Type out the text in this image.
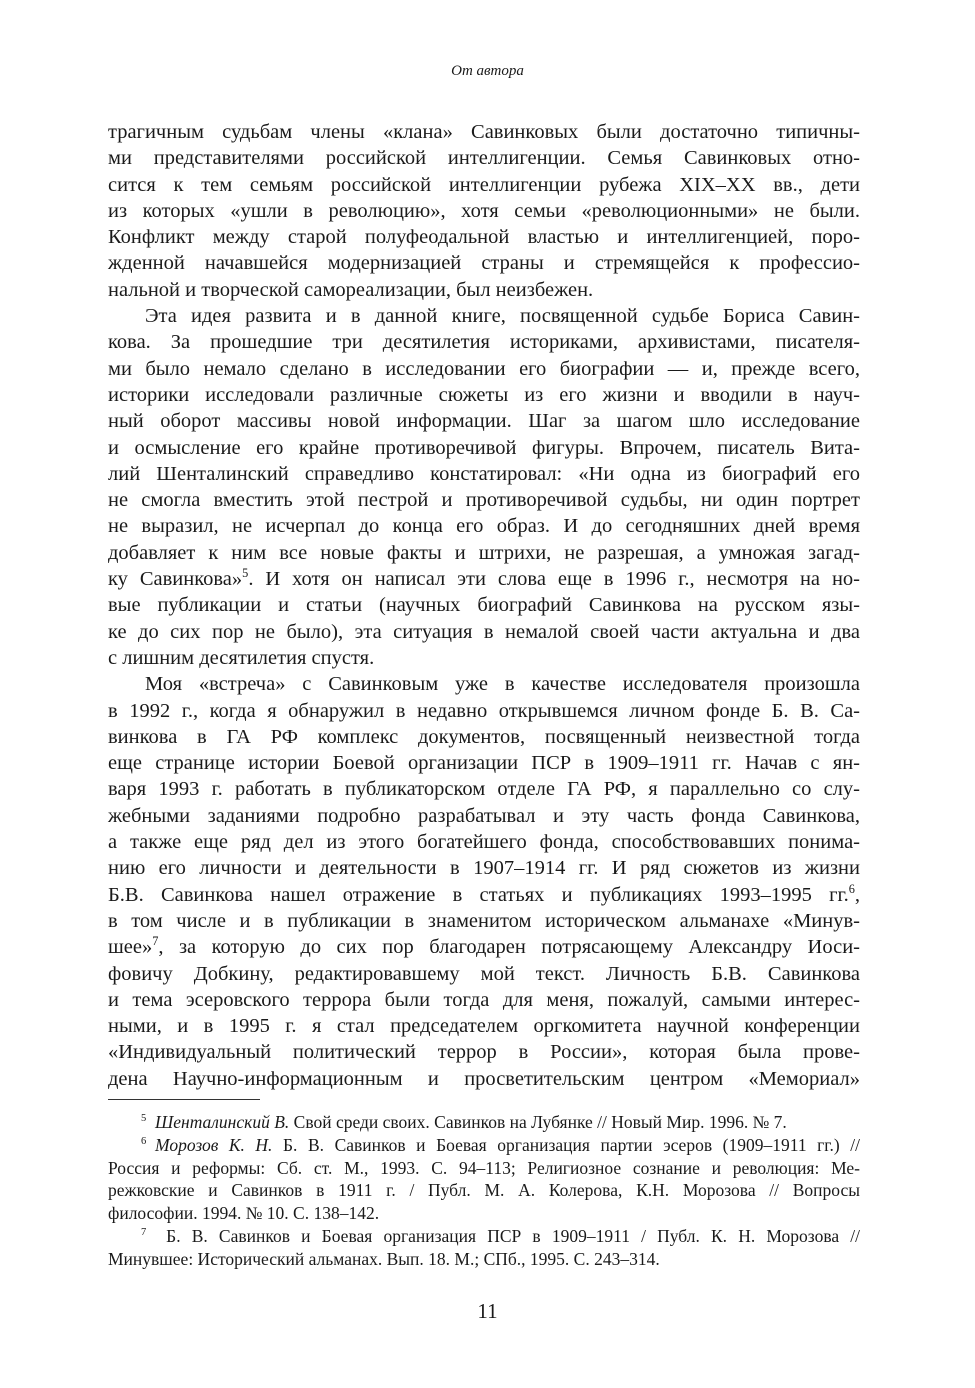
От автора
трагичным судьбам члены «клана» Савинковых были достаточно типичны-
ми представителями российской интеллигенции. Семья Савинковых отно-
сится к тем семьям российской интеллигенции рубежа XIX–XX вв., дети
из которых «ушли в революцию», хотя семьи «революционными» не были.
Конфликт между старой полуфеодальной властью и интеллигенцией, поро-
жденной начавшейся модернизацией страны и стремящейся к профессио-
нальной и творческой самореализации, был неизбежен.
Эта идея развита и в данной книге, посвященной судьбе Бориса Савин-
кова. За прошедшие три десятилетия историками, архивистами, писателя-
ми было немало сделано в исследовании его биографии — и, прежде всего,
историки исследовали различные сюжеты из его жизни и вводили в науч-
ный оборот массивы новой информации. Шаг за шагом шло исследование
и осмысление его крайне противоречивой фигуры. Впрочем, писатель Вита-
лий Шенталинский справедливо констатировал: «Ни одна из биографий его
не смогла вместить этой пестрой и противоречивой судьбы, ни один портрет
не выразил, не исчерпал до конца его образ. И до сегодняшних дней время
добавляет к ним все новые факты и штрихи, не разрешая, а умножая загад-
ку Савинкова»$^5$. И хотя он написал эти слова еще в 1996 г., несмотря на но-
вые публикации и статьи (научных биографий Савинкова на русском язы-
ке до сих пор не было), эта ситуация в немалой своей части актуальна и два
с лишним десятилетия спустя.
Моя «встреча» с Савинковым уже в качестве исследователя произошла
в 1992 г., когда я обнаружил в недавно открывшемся личном фонде Б. В. Са-
винкова в ГА РФ комплекс документов, посвященный неизвестной тогда
еще странице истории Боевой организации ПСР в 1909–1911 гг. Начав с ян-
варя 1993 г. работать в публикаторском отделе ГА РФ, я параллельно со слу-
жебными заданиями подробно разрабатывал и эту часть фонда Савинкова,
а также еще ряд дел из этого богатейшего фонда, способствовавших понима-
нию его личности и деятельности в 1907–1914 гг. И ряд сюжетов из жизни
Б.В. Савинкова нашел отражение в статьях и публикациях 1993–1995 гг.$^6$,
в том числе и в публикации в знаменитом историческом альманахе «Минув-
шее»$^7$, за которую до сих пор благодарен потрясающему Александру Иоси-
фовичу Добкину, редактировавшему мой текст. Личность Б.В. Савинкова
и тема эсеровского террора были тогда для меня, пожалуй, самыми интерес-
ными, и в 1995 г. я стал председателем оргкомитета научной конференции
«Индивидуальный политический террор в России», которая была прове-
дена Научно-информационным и просветительским центром «Мемориал»
$^5$  Шенталинский В. Свой среди своих. Савинков на Лубянке // Новый Мир. 1996. № 7.
$^6$  Морозов К. Н. Б. В. Савинков и Боевая организация партии эсеров (1909–1911 гг.) //
Россия и реформы: Сб. ст. М., 1993. С. 94–113; Религиозное сознание и революция: Ме-
режковские и Савинков в 1911 г. / Публ. М. А. Колерова, К.Н. Морозова // Вопросы
философии. 1994. № 10. С. 138–142.
$^7$  Б. В. Савинков и Боевая организация ПСР в 1909–1911 / Публ. К. Н. Морозова //
Минувшее: Исторический альманах. Вып. 18. М.; СПб., 1995. С. 243–314.
11
